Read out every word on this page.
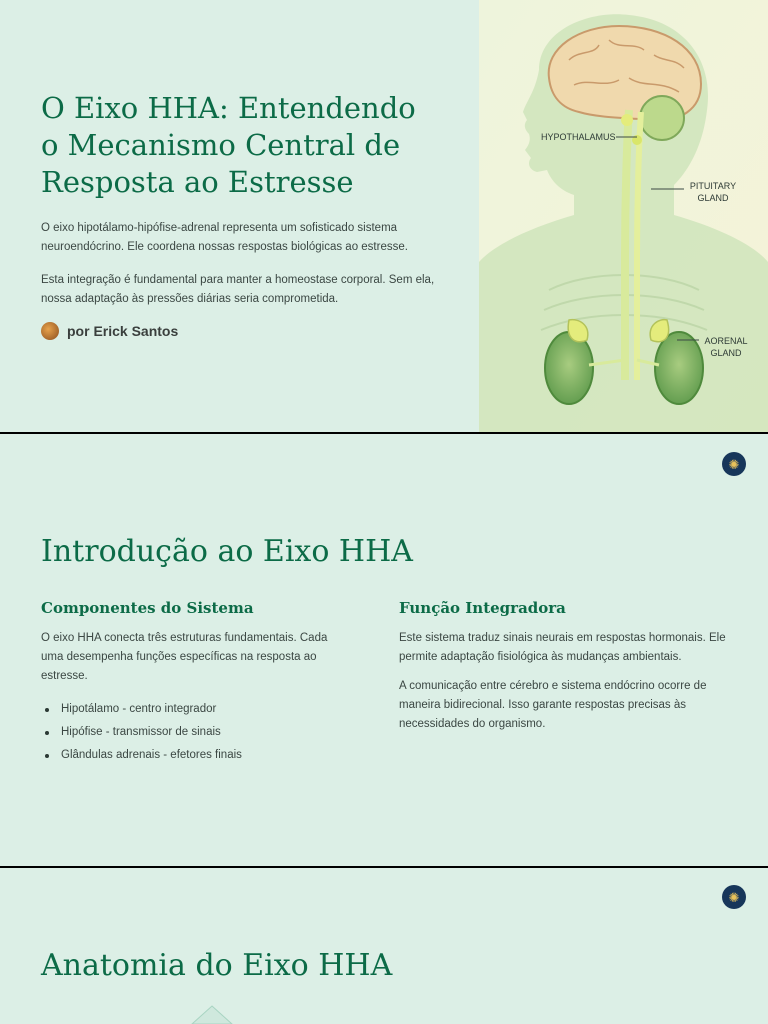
O Eixo HHA: Entendendo o Mecanismo Central de Resposta ao Estresse

O eixo hipotálamo-hipófise-adrenal representa um sofisticado sistema neuroendócrino. Ele coordena nossas respostas biológicas ao estresse.

Esta integração é fundamental para manter a homeostase corporal. Sem ela, nossa adaptação às pressões diárias seria comprometida.

por Erick Santos
HYPOTHALAMUS
PITUITARY
GLAND
AORENAL
GLAND
✺
Introdução ao Eixo HHA
Componentes do Sistema

O eixo HHA conecta três estruturas fundamentais. Cada uma desempenha funções específicas na resposta ao estresse.

Hipotálamo - centro integrador
Hipófise - transmissor de sinais
Glândulas adrenais - efetores finais
Função Integradora

Este sistema traduz sinais neurais em respostas hormonais. Ele permite adaptação fisiológica às mudanças ambientais.

A comunicação entre cérebro e sistema endócrino ocorre de maneira bidirecional. Isso garante respostas precisas às necessidades do organismo.

✺
Anatomia do Eixo HHA
